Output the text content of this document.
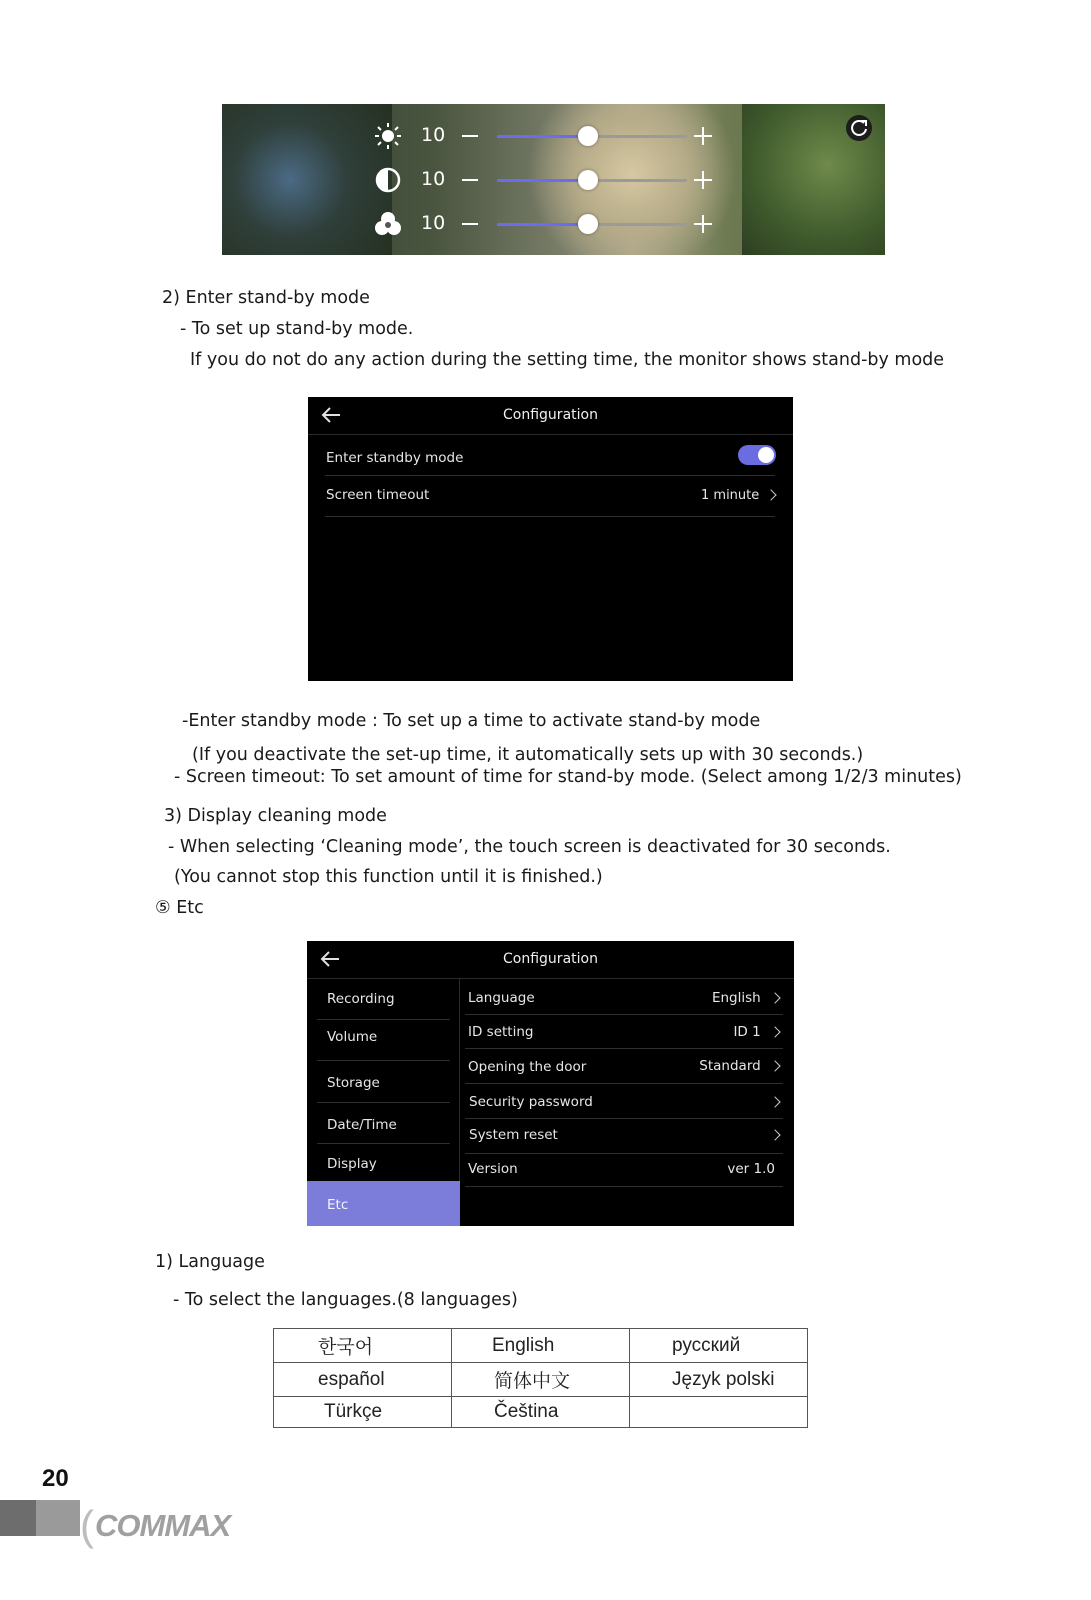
10
10
10
2) Enter stand-by mode
- To set up stand-by mode.
If you do not do any action during the setting time, the monitor shows stand-by mode
Configuration
Enter standby mode
Screen timeout	1 minute
-Enter standby mode : To set up a time to activate stand-by mode
(If you deactivate the set-up time, it automatically sets up with 30 seconds.)
- Screen timeout: To set amount of time for stand-by mode. (Select among 1/2/3 minutes)
3) Display cleaning mode
- When selecting ‘Cleaning mode’, the touch screen is deactivated for 30 seconds.
(You cannot stop this function until it is finished.)
⑤ Etc
Configuration
Recording
Volume
Storage
Date/Time
Display
Etc
Language	English
ID setting	ID 1
Opening the door	Standard
Security password
System reset
Version	ver 1.0
1) Language
- To select the languages.(8 languages)
한국어	English	русский
español	简体中文	Język polski
Türkçe	Čeština	
20
(COMMAX
